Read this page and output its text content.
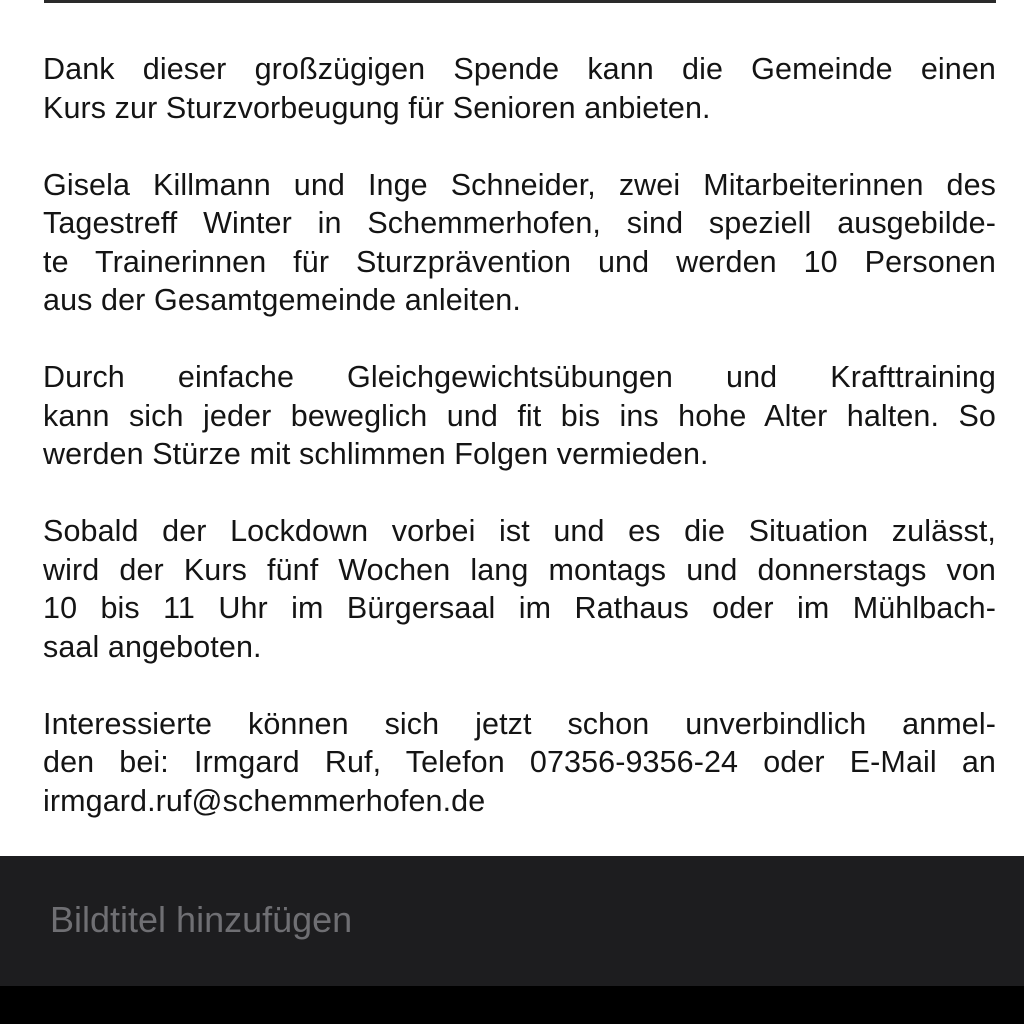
Dank dieser großzügigen Spende kann die Gemeinde einen
Kurs zur Sturzvorbeugung für Senioren anbieten.

Gisela Killmann und Inge Schneider, zwei Mitarbeiterinnen des
Tagestreff Winter in Schemmerhofen, sind speziell ausgebilde-
te Trainerinnen für Sturzprävention und werden 10 Personen
aus der Gesamtgemeinde anleiten.

Durch einfache Gleichgewichtsübungen und Krafttraining
kann sich jeder beweglich und fit bis ins hohe Alter halten. So
werden Stürze mit schlimmen Folgen vermieden.

Sobald der Lockdown vorbei ist und es die Situation zulässt,
wird der Kurs fünf Wochen lang montags und donnerstags von
10 bis 11 Uhr im Bürgersaal im Rathaus oder im Mühlbach-
saal angeboten.

Interessierte können sich jetzt schon unverbindlich anmel-
den bei: Irmgard Ruf, Telefon 07356-9356-24 oder E-Mail an
irmgard.ruf@schemmerhofen.de

Bildtitel hinzufügen
